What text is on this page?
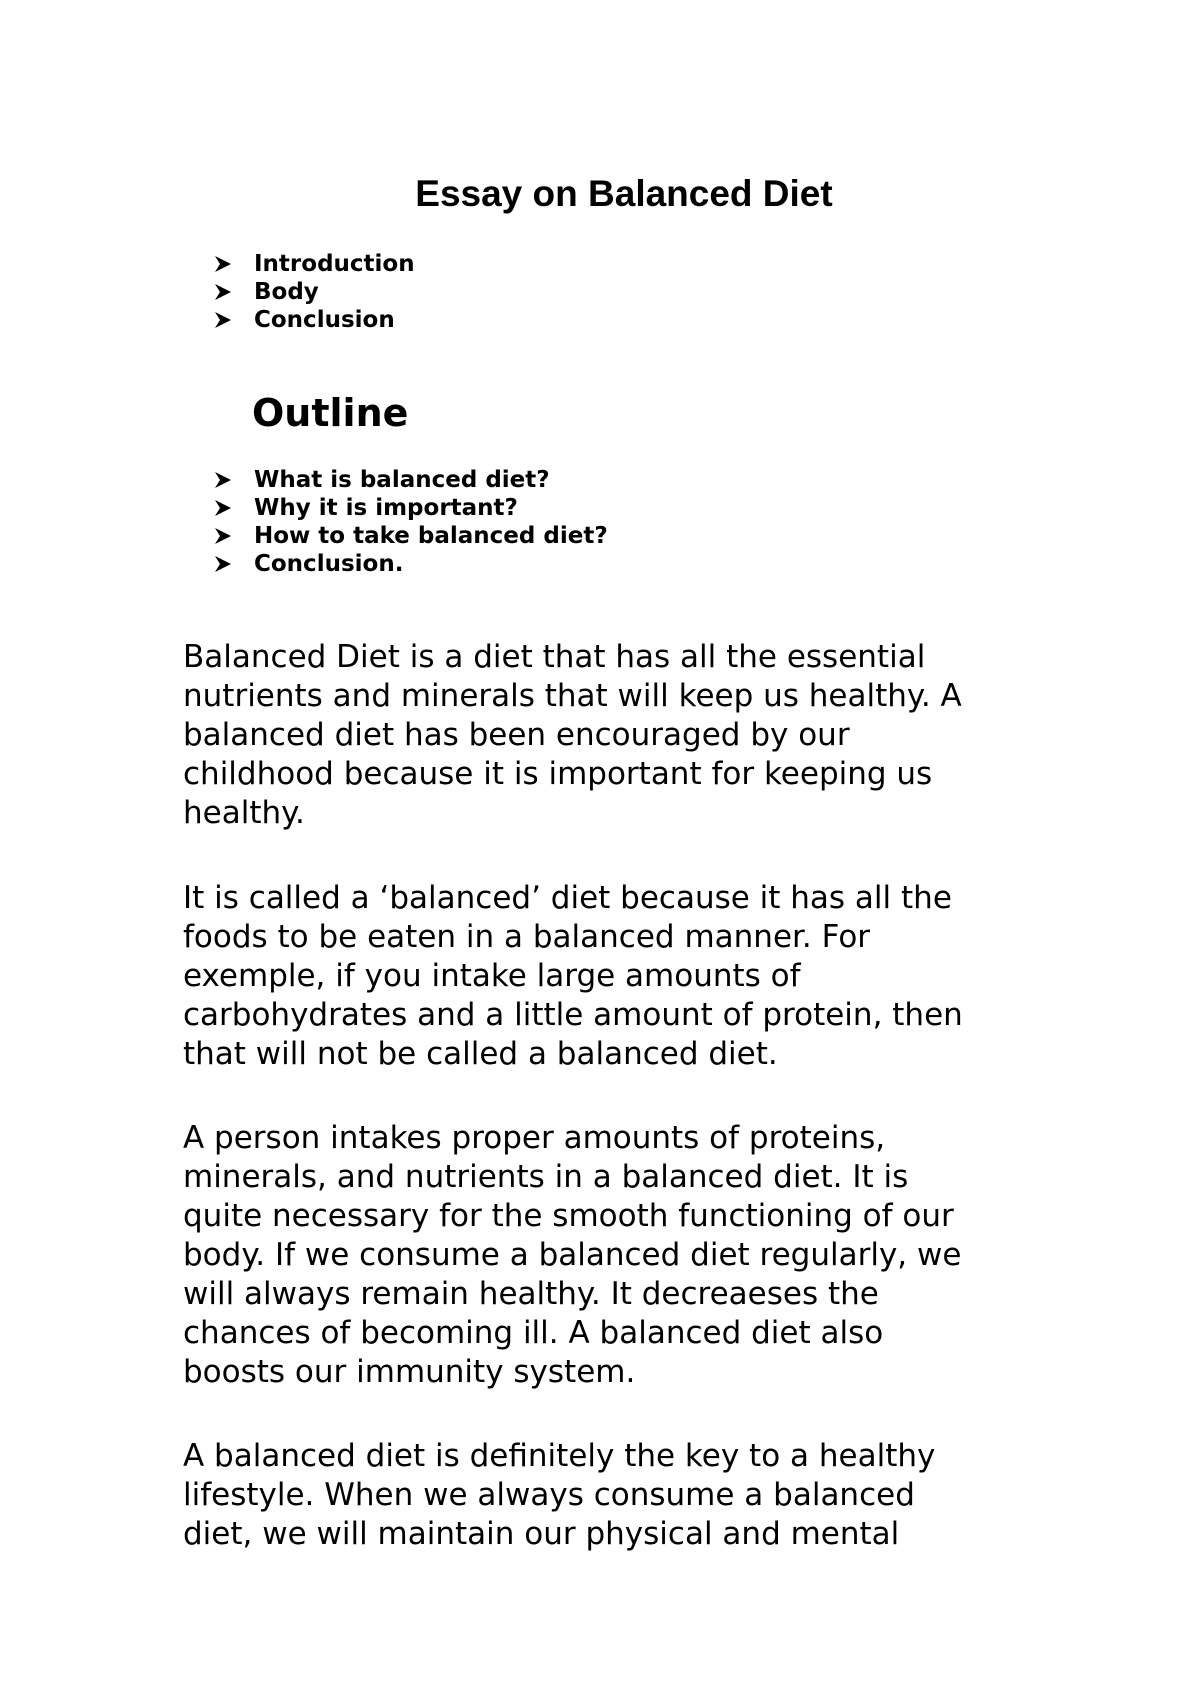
Essay on Balanced Diet
Introduction
Body
Conclusion
Outline
What is balanced diet?
Why it is important?
How to take balanced diet?
Conclusion.

Balanced Diet is a diet that has all the essential
nutrients and minerals that will keep us healthy. A
balanced diet has been encouraged by our
childhood because it is important for keeping us
healthy.

It is called a ‘balanced’ diet because it has all the
foods to be eaten in a balanced manner. For
exemple, if you intake large amounts of
carbohydrates and a little amount of protein, then
that will not be called a balanced diet.

A person intakes proper amounts of proteins,
minerals, and nutrients in a balanced diet. It is
quite necessary for the smooth functioning of our
body. If we consume a balanced diet regularly, we
will always remain healthy. It decreaeses the
chances of becoming ill. A balanced diet also
boosts our immunity system.

A balanced diet is definitely the key to a healthy
lifestyle. When we always consume a balanced
diet, we will maintain our physical and mental
